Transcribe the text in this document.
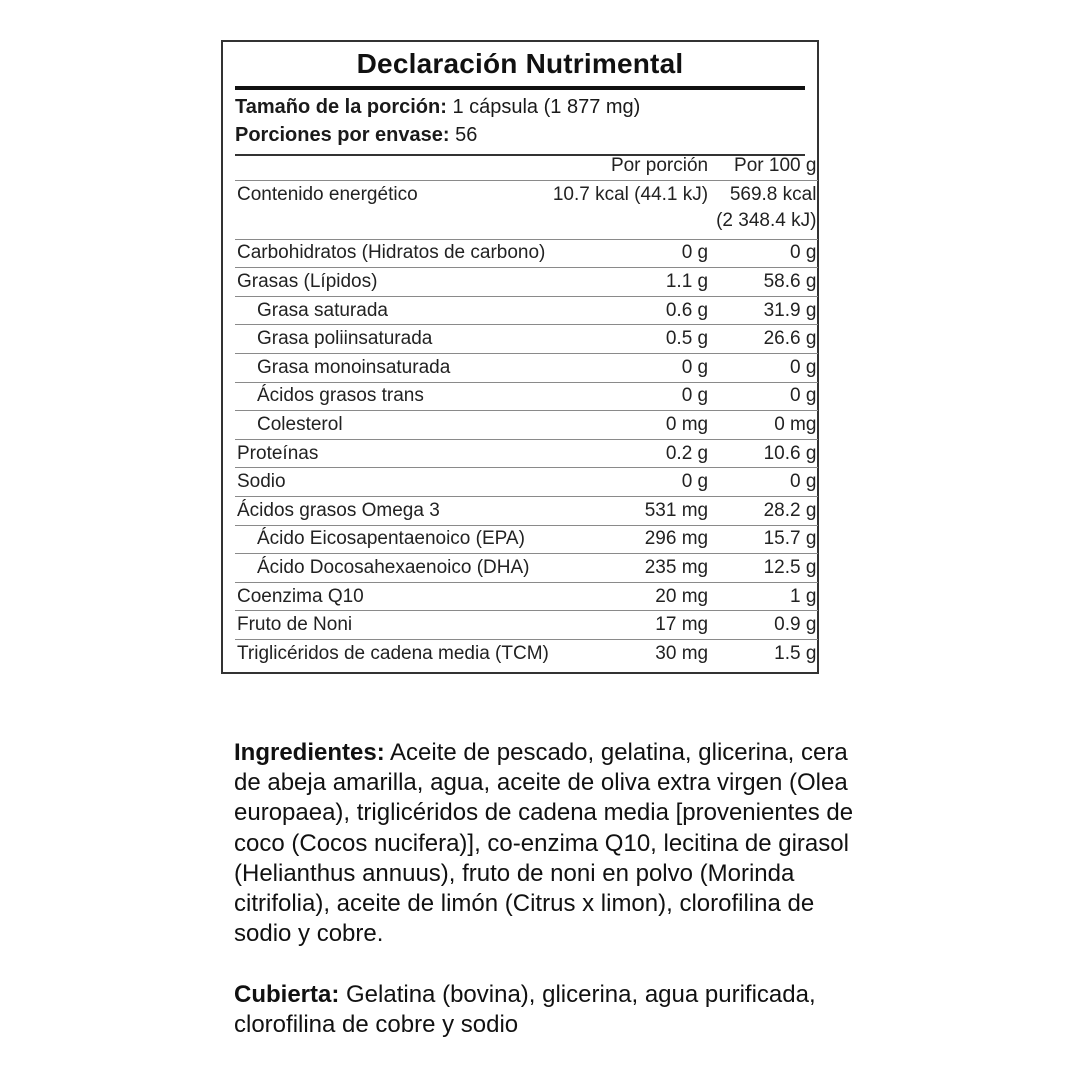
Declaración Nutrimental
Tamaño de la porción: 1 cápsula (1 877 mg)
Porciones por envase: 56
	Por porción	Por 100 g
Contenido energético	10.7 kcal (44.1 kJ)	569.8 kcal
(2 348.4 kJ)

Carbohidratos (Hidratos de carbono)	0 g	0 g
Grasas (Lípidos)	1.1 g	58.6 g
Grasa saturada	0.6 g	31.9 g
Grasa poliinsaturada	0.5 g	26.6 g
Grasa monoinsaturada	0 g	0 g
Ácidos grasos trans	0 g	0 g
Colesterol	0 mg	0 mg
Proteínas	0.2 g	10.6 g
Sodio	0 g	0 g
Ácidos grasos Omega 3	531 mg	28.2 g
Ácido Eicosapentaenoico (EPA)	296 mg	15.7 g
Ácido Docosahexaenoico (DHA)	235 mg	12.5 g
Coenzima Q10	20 mg	1 g
Fruto de Noni	17 mg	0.9 g
Triglicéridos de cadena media (TCM)	30 mg	1.5 g
Ingredientes: Aceite de pescado, gelatina, glicerina, cera de abeja amarilla, agua, aceite de oliva extra virgen (Olea europaea), triglicéridos de cadena media [provenientes de coco (Cocos nucifera)], co-enzima Q10, lecitina de girasol (Helianthus annuus), fruto de noni en polvo (Morinda citrifolia), aceite de limón (Citrus x limon), clorofilina de sodio y cobre.
Cubierta: Gelatina (bovina), glicerina, agua purificada, clorofilina de cobre y sodio
